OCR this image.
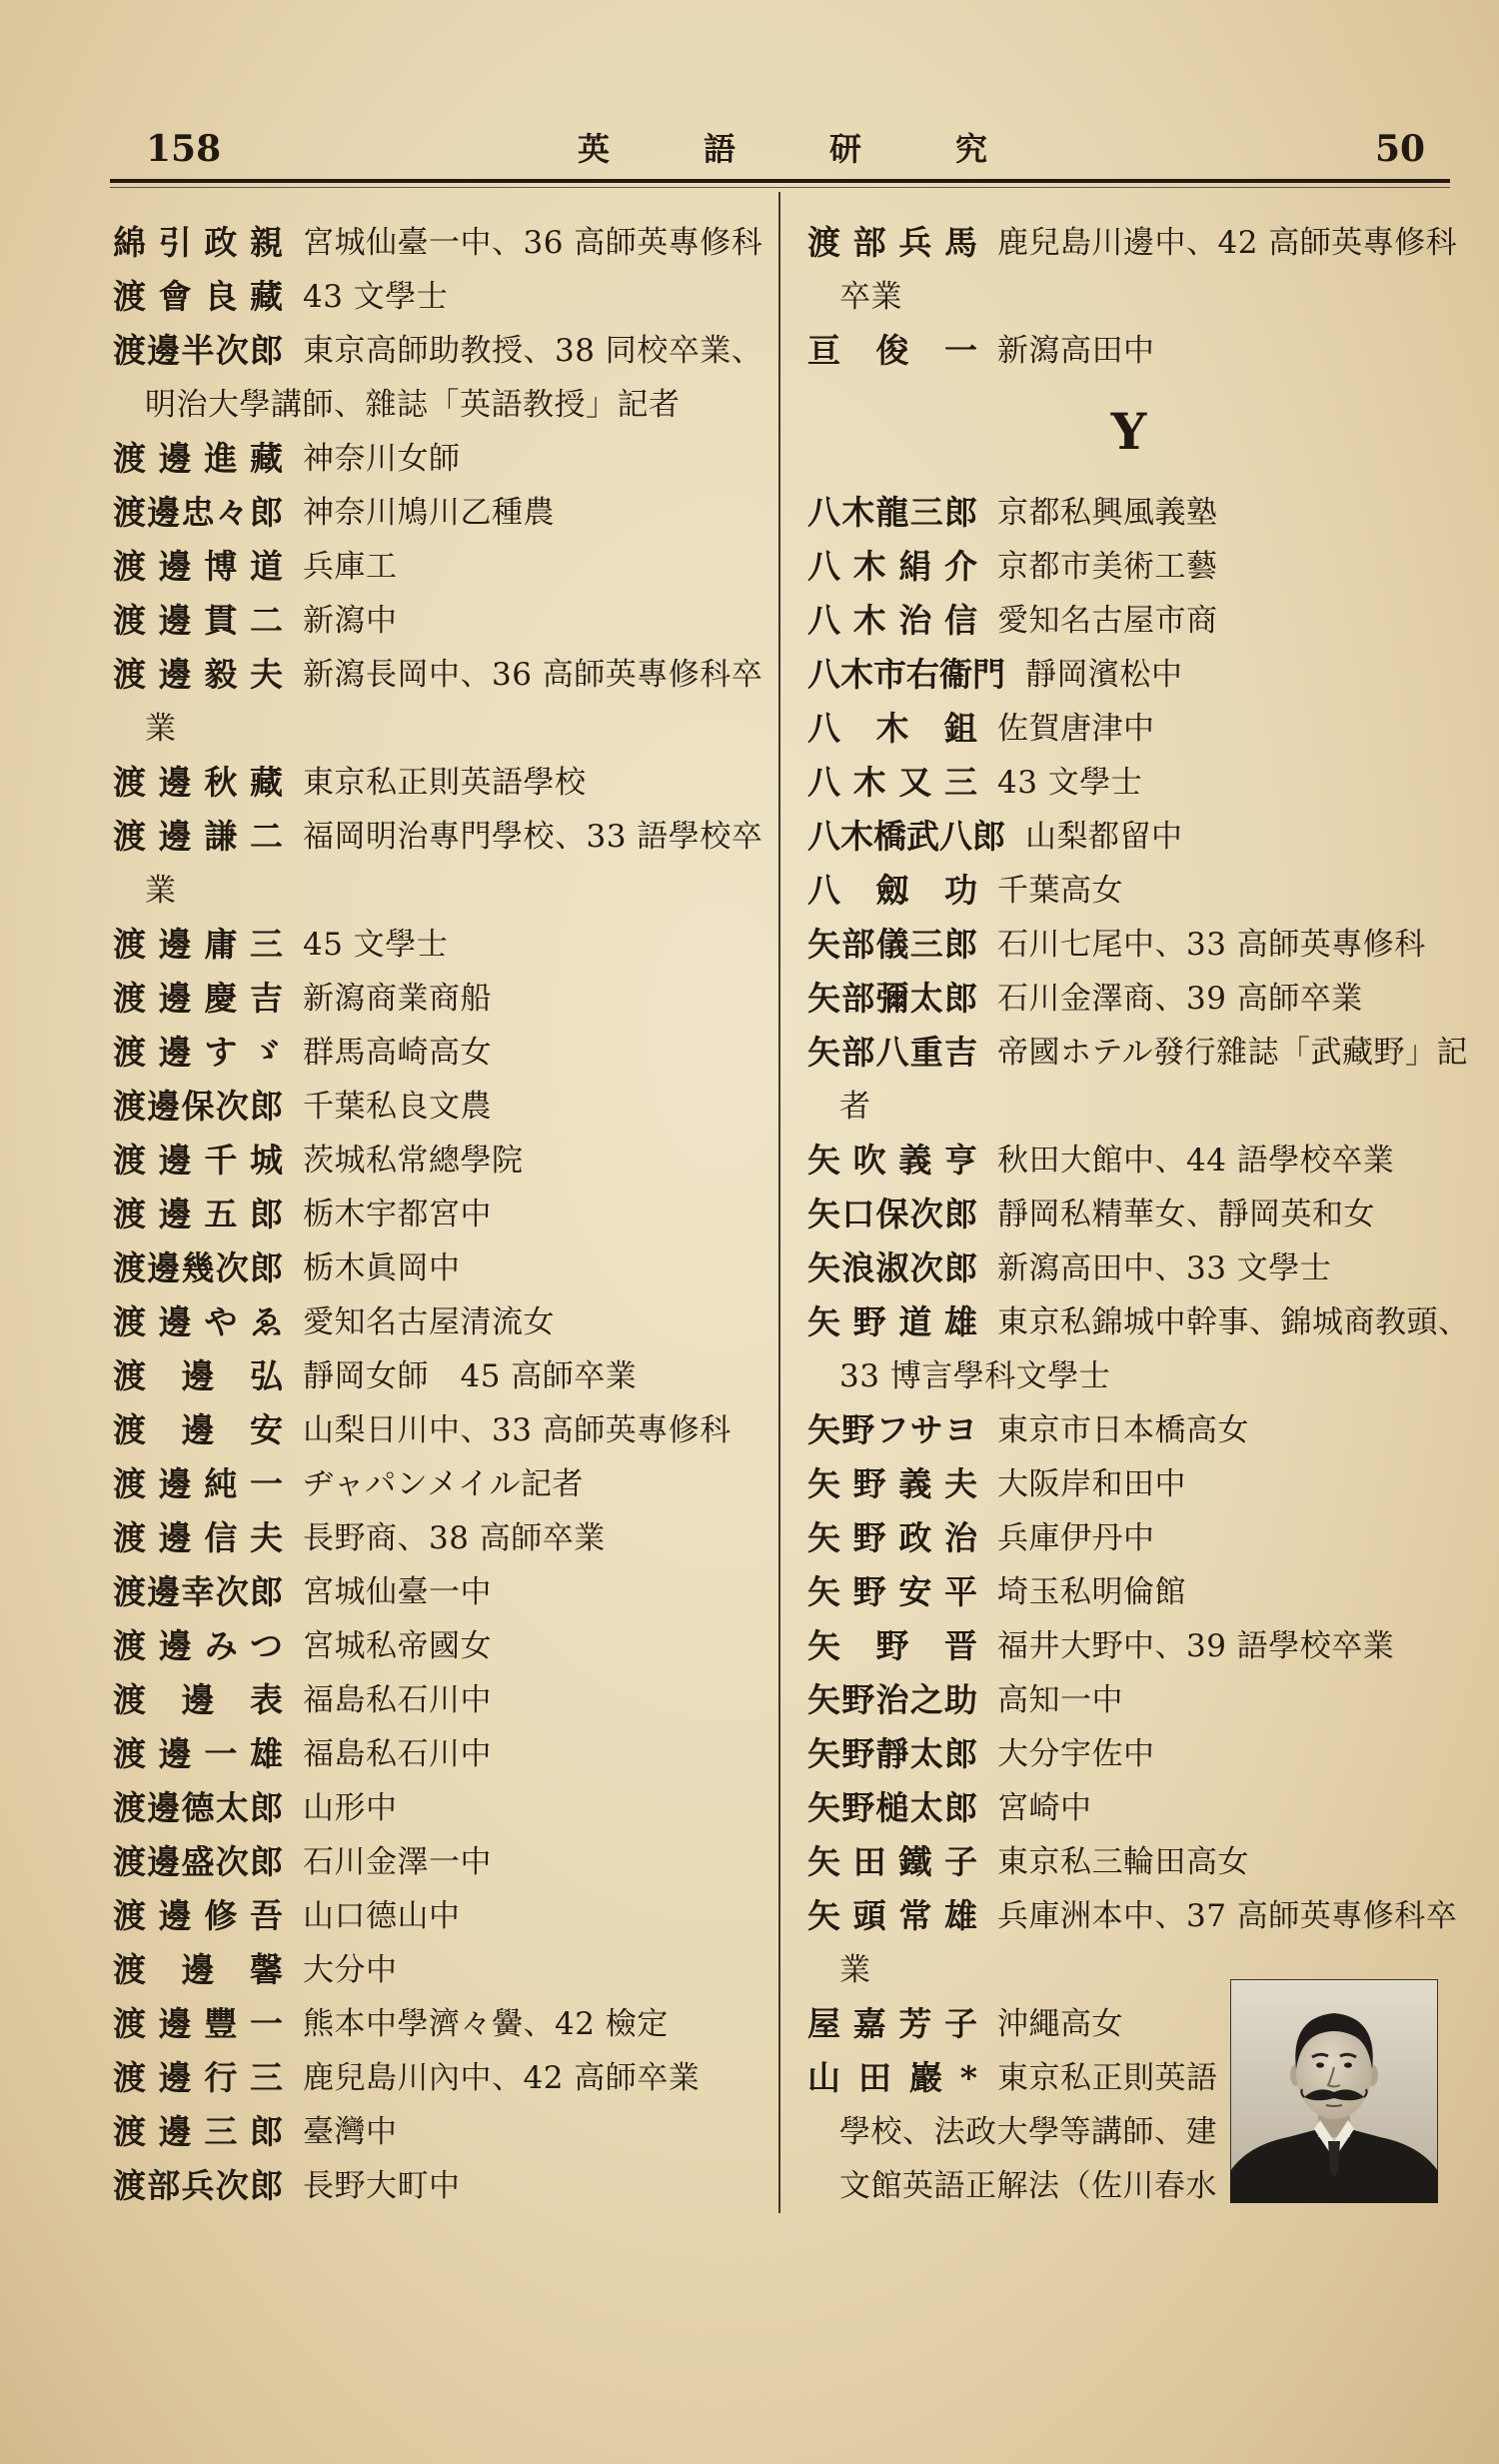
158	英語研究	50
綿引政親 宮城仙臺一中、36 高師英專修科
渡會良藏 43 文學士
渡邊半次郎 東京高師助教授、38 同校卒業、
明治大學講師、雜誌「英語教授」記者
渡邊進藏 神奈川女師
渡邊忠々郎 神奈川鳩川乙種農
渡邊博道 兵庫工
渡邊貫二 新瀉中
渡邊毅夫 新瀉長岡中、36 高師英專修科卒
業
渡邊秋藏 東京私正則英語學校
渡邊謙二 福岡明治專門學校、33 語學校卒
業
渡邊庸三 45 文學士
渡邊慶吉 新瀉商業商船
渡邊すゞ 群馬高崎高女
渡邊保次郎 千葉私良文農
渡邊千城 茨城私常總學院
渡邊五郎 栃木宇都宮中
渡邊幾次郎 栃木眞岡中
渡邊やゑ 愛知名古屋清流女
渡邊弘 靜岡女師　45 高師卒業
渡邊安 山梨日川中、33 高師英專修科
渡邊純一 ヂャパンメイル記者
渡邊信夫 長野商、38 高師卒業
渡邊幸次郎 宮城仙臺一中
渡邊みつ 宮城私帝國女
渡邊表 福島私石川中
渡邊一雄 福島私石川中
渡邊德太郎 山形中
渡邊盛次郎 石川金澤一中
渡邊修吾 山口德山中
渡邊馨 大分中
渡邊豐一 熊本中學濟々黌、42 檢定
渡邊行三 鹿兒島川內中、42 高師卒業
渡邊三郎 臺灣中
渡部兵次郎 長野大町中
渡部兵馬 鹿兒島川邊中、42 高師英專修科
卒業
亘俊一 新瀉高田中
Y
八木龍三郎 京都私興風義塾
八木絹介 京都市美術工藝
八木治信 愛知名古屋市商
八木市右衞門 靜岡濱松中
八木鉏 佐賀唐津中
八木又三 43 文學士
八木橋武八郎 山梨都留中
八劔功 千葉高女
矢部儀三郎 石川七尾中、33 高師英專修科
矢部彌太郎 石川金澤商、39 高師卒業
矢部八重吉 帝國ホテル發行雜誌「武藏野」記
者
矢吹義亨 秋田大館中、44 語學校卒業
矢口保次郎 靜岡私精華女、靜岡英和女
矢浪淑次郎 新瀉高田中、33 文學士
矢野道雄 東京私錦城中幹事、錦城商教頭、
33 博言學科文學士
矢野フサヨ 東京市日本橋高女
矢野義夫 大阪岸和田中
矢野政治 兵庫伊丹中
矢野安平 埼玉私明倫館
矢野晋 福井大野中、39 語學校卒業
矢野治之助 高知一中
矢野靜太郎 大分宇佐中
矢野槌太郎 宮崎中
矢田鐵子 東京私三輪田高女
矢頭常雄 兵庫洲本中、37 高師英專修科卒
業
屋嘉芳子 沖繩高女
山田巖* 東京私正則英語
學校、法政大學等講師、建
文館英語正解法（佐川春水
